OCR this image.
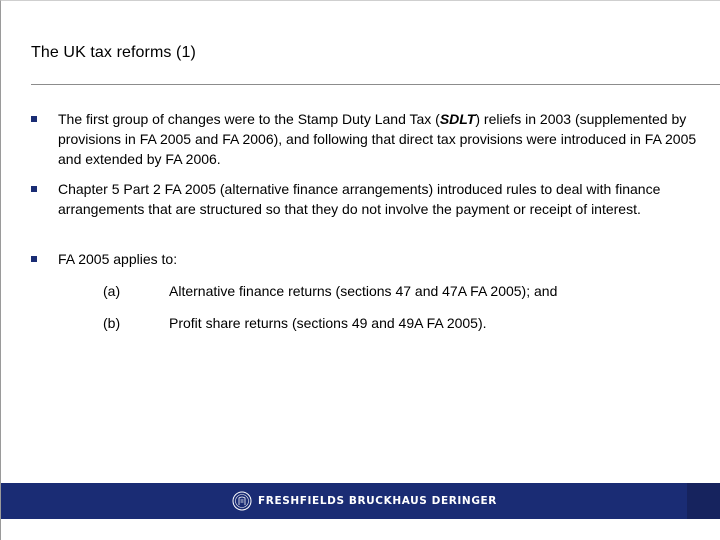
The UK tax reforms (1)
The first group of changes were to the Stamp Duty Land Tax (SDLT) reliefs in 2003 (supplemented by provisions in FA 2005 and FA 2006), and following that direct tax provisions were introduced in FA 2005 and extended by FA 2006.
Chapter 5 Part 2 FA 2005 (alternative finance arrangements) introduced rules to deal with finance arrangements that are structured so that they do not involve the payment or receipt of interest.
FA 2005 applies to:
(a)	Alternative finance returns (sections 47 and 47A FA 2005); and
(b)	Profit share returns (sections 49 and 49A FA 2005).
FRESHFIELDS BRUCKHAUS DERINGER
